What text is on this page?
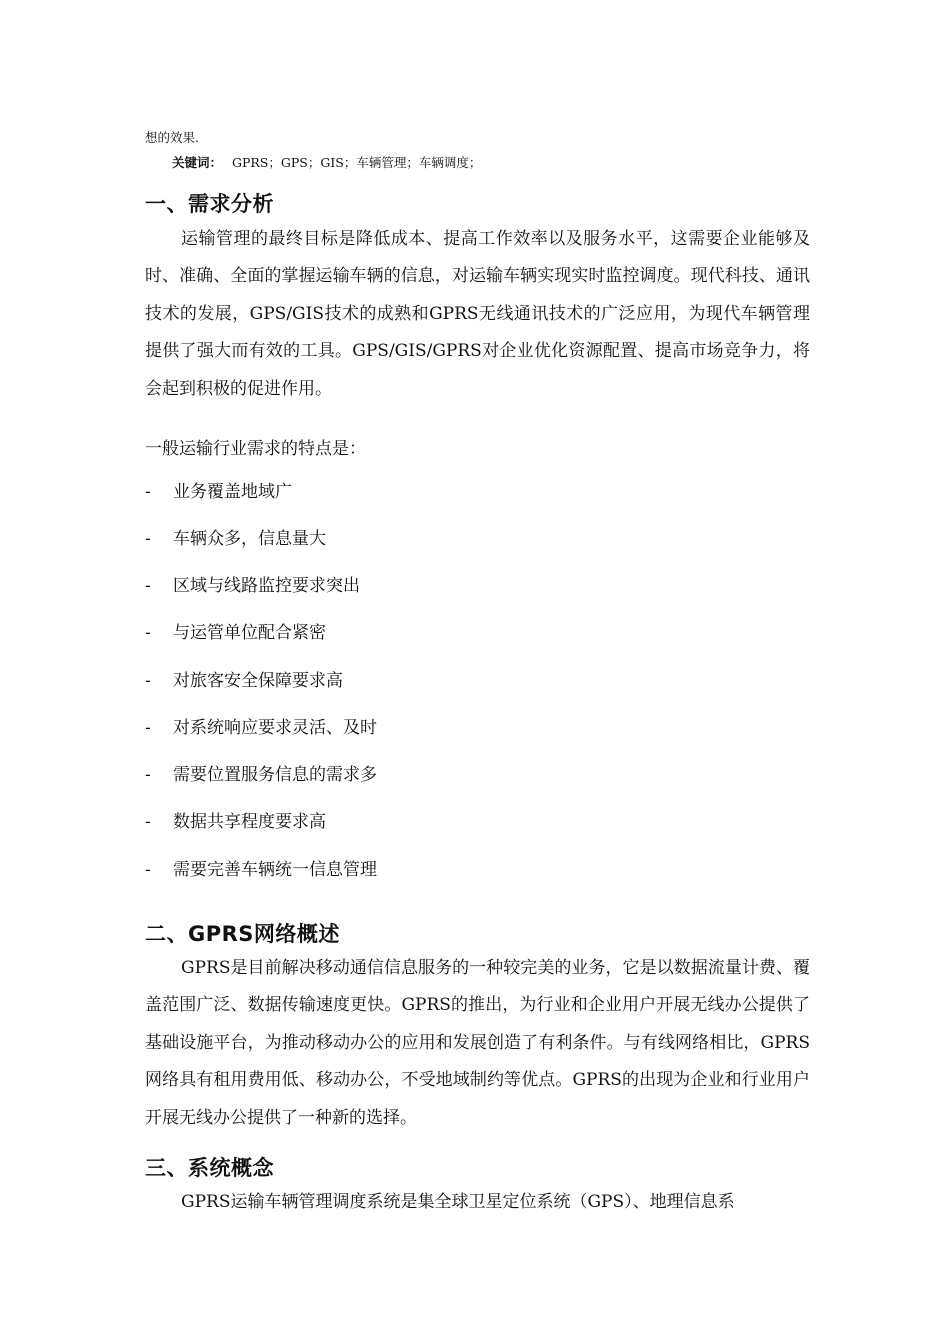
想的效果.
关键词： GPRS；GPS；GIS；车辆管理；车辆调度；
一、需求分析

运输管理的最终目标是降低成本、提高工作效率以及服务水平，这需要企业能够及时、准确、全面的掌握运输车辆的信息，对运输车辆实现实时监控调度。现代科技、通讯技术的发展，GPS/GIS技术的成熟和GPRS无线通讯技术的广泛应用，为现代车辆管理提供了强大而有效的工具。GPS/GIS/GPRS对企业优化资源配置、提高市场竞争力，将会起到积极的促进作用。

一般运输行业需求的特点是：

- 业务覆盖地域广
- 车辆众多，信息量大
- 区域与线路监控要求突出
- 与运管单位配合紧密
- 对旅客安全保障要求高
- 对系统响应要求灵活、及时
- 需要位置服务信息的需求多
- 数据共享程度要求高
- 需要完善车辆统一信息管理
二、GPRS网络概述

GPRS是目前解决移动通信信息服务的一种较完美的业务，它是以数据流量计费、覆盖范围广泛、数据传输速度更快。GPRS的推出，为行业和企业用户开展无线办公提供了基础设施平台，为推动移动办公的应用和发展创造了有利条件。与有线网络相比，GPRS网络具有租用费用低、移动办公，不受地域制约等优点。GPRS的出现为企业和行业用户开展无线办公提供了一种新的选择。

三、系统概念

GPRS运输车辆管理调度系统是集全球卫星定位系统（GPS）、地理信息系
